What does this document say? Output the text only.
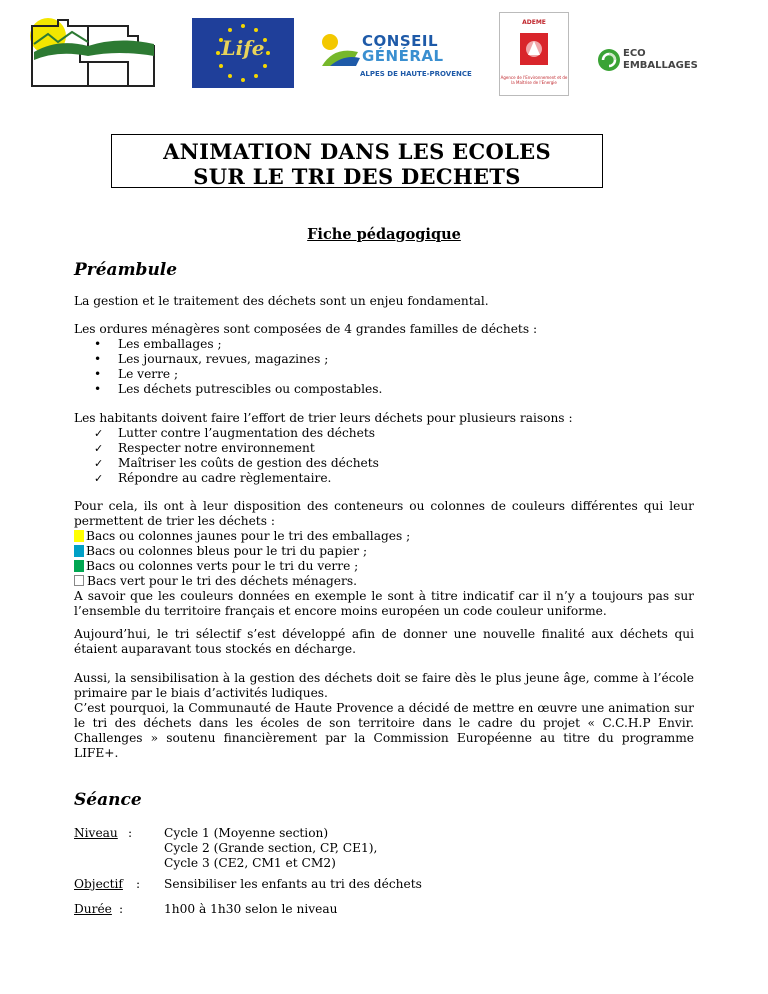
Life	CONSEIL
GÉNÉRAL
ALPES DE HAUTE-PROVENCE
ADEME
Agence de l'Environnement et de la Maîtrise de l'Energie
ECO
EMBALLAGES
ANIMATION DANS LES ECOLES
SUR LE TRI DES DECHETS
Fiche pédagogique
Préambule
La gestion et le traitement des déchets sont un enjeu fondamental.
Les ordures ménagères sont composées de 4 grandes familles de déchets :
• Les emballages ;
• Les journaux, revues, magazines ;
• Le verre ;
• Les déchets putrescibles ou compostables.
Les habitants doivent faire l’effort de trier leurs déchets pour plusieurs raisons :
✓ Lutter contre l’augmentation des déchets
✓ Respecter notre environnement
✓ Maîtriser les coûts de gestion des déchets
✓ Répondre au cadre règlementaire.
Pour cela, ils ont à leur disposition des conteneurs ou colonnes de couleurs différentes qui leur permettent de trier les déchets :
Bacs ou colonnes jaunes pour le tri des emballages ;
Bacs ou colonnes bleus pour le tri du papier ;
Bacs ou colonnes verts pour le tri du verre ;
Bacs vert pour le tri des déchets ménagers.
A savoir que les couleurs données en exemple le sont à titre indicatif car il n’y a toujours pas sur l’ensemble du territoire français et encore moins européen un code couleur uniforme.
Aujourd’hui, le tri sélectif s’est développé afin de donner une nouvelle finalité aux déchets qui étaient auparavant tous stockés en décharge.
Aussi, la sensibilisation à la gestion des déchets doit se faire dès le plus jeune âge, comme à l’école primaire par le biais d’activités ludiques.
C’est pourquoi, la Communauté de Haute Provence a décidé de mettre en œuvre une animation sur le tri des déchets dans les écoles de son territoire dans le cadre du projet « C.C.H.P Envir. Challenges » soutenu financièrement par la Commission Européenne au titre du programme LIFE+.
Séance
Niveau :	Cycle 1 (Moyenne section)
Cycle 2 (Grande section, CP, CE1),
Cycle 3 (CE2, CM1 et CM2)
Objectif : Sensibiliser les enfants au tri des déchets
Durée :	1h00 à 1h30 selon le niveau
